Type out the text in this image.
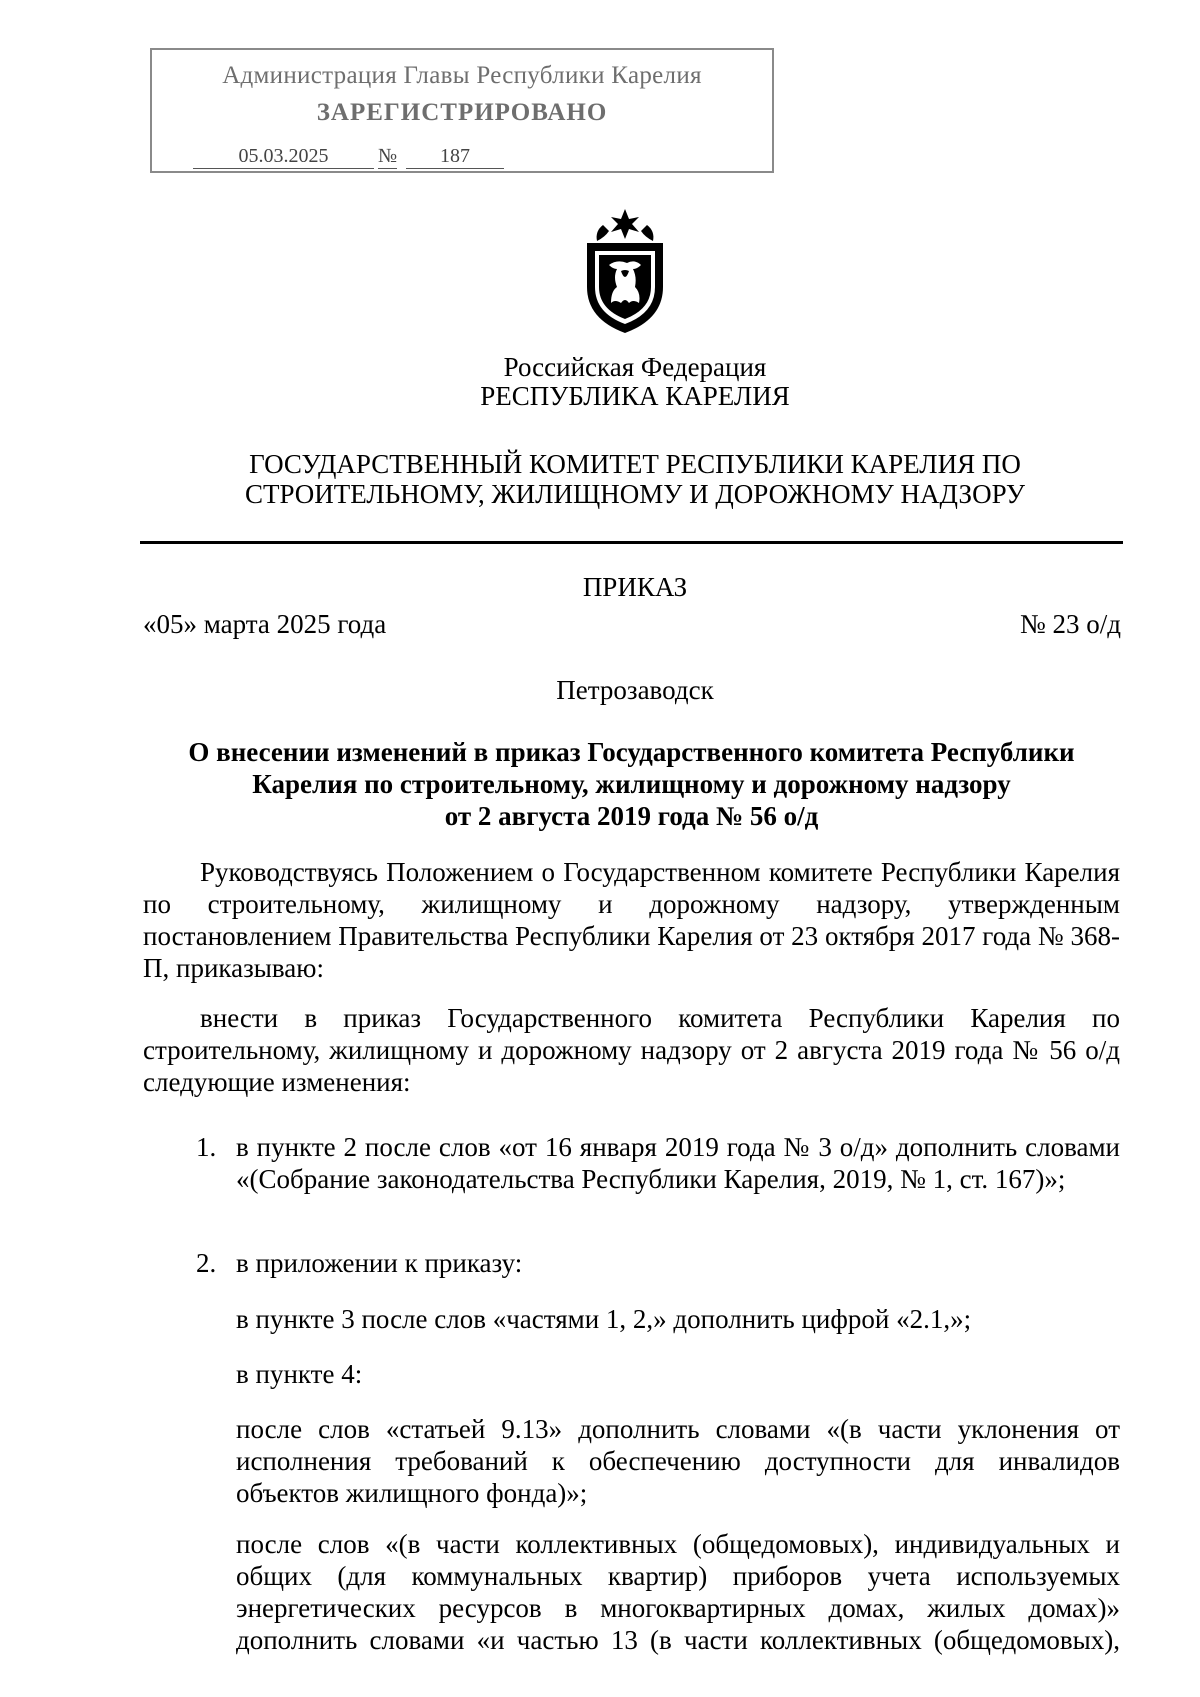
Администрация Главы Республики Карелия
ЗАРЕГИСТРИРОВАНО
05.03.2025	№	187
Российская Федерация
РЕСПУБЛИКА КАРЕЛИЯ
ГОСУДАРСТВЕННЫЙ КОМИТЕТ РЕСПУБЛИКИ КАРЕЛИЯ ПО
СТРОИТЕЛЬНОМУ, ЖИЛИЩНОМУ И ДОРОЖНОМУ НАДЗОРУ
ПРИКАЗ
«05» марта 2025 года	№ 23 о/д
Петрозаводск
О внесении изменений в приказ Государственного комитета Республики
Карелия по строительному, жилищному и дорожному надзору
от 2 августа 2019 года № 56 о/д
Руководствуясь Положением о Государственном комитете Республики Карелия по строительному, жилищному и дорожному надзору, утвержденным постановлением Правительства Республики Карелия от 23 октября 2017 года № 368-П, приказываю:
внести в приказ Государственного комитета Республики Карелия по строительному, жилищному и дорожному надзору от 2 августа 2019 года № 56 о/д следующие изменения:
1. в пункте 2 после слов «от 16 января 2019 года № 3 о/д» дополнить словами «(Собрание законодательства Республики Карелия, 2019, № 1, ст. 167)»;
2. в приложении к приказу:
в пункте 3 после слов «частями 1, 2,» дополнить цифрой «2.1,»;
в пункте 4:
после слов «статьей 9.13» дополнить словами «(в части уклонения от исполнения требований к обеспечению доступности для инвалидов объектов жилищного фонда)»;
после слов «(в части коллективных (общедомовых), индивидуальных и общих (для коммунальных квартир) приборов учета используемых энергетических ресурсов в многоквартирных домах, жилых домах)»
дополнить словами «и частью 13 (в части коллективных (общедомовых),
